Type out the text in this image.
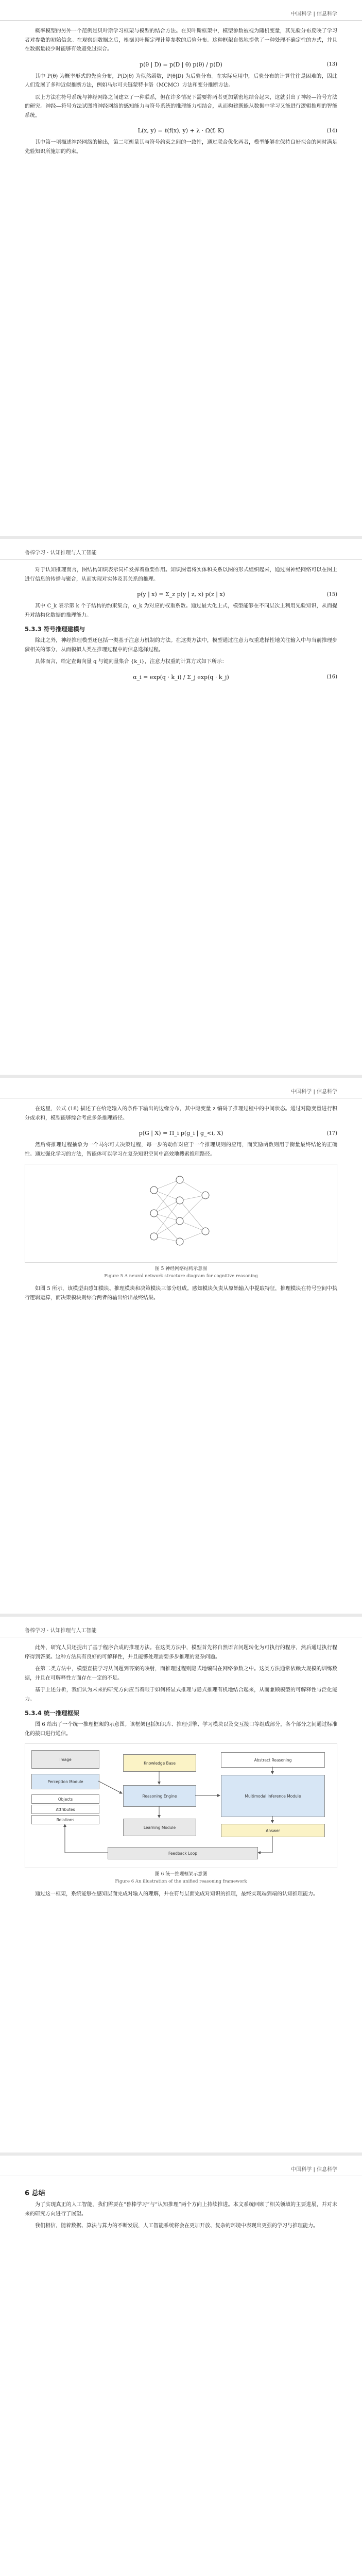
中国科学 | 信息科学

概率模型的另外一个范例是贝叶斯学习框架与模型的结合方法。在贝叶斯框架中，模型参数被视为随机变量，其先验分布反映了学习者对参数的初始信念。在观察到数据之后，根据贝叶斯定理计算参数的后验分布。这种框架自然地提供了一种处理不确定性的方式，并且在数据量较少时能够有效避免过拟合。

p(θ | D) = p(D | θ) p(θ) / p(D)	(13)

其中 P(θ) 为概率形式的先验分布，P(D|θ) 为似然函数，P(θ|D) 为后验分布。在实际应用中，后验分布的计算往往是困难的，因此人们发展了多种近似推断方法，例如马尔可夫链蒙特卡洛（MCMC）方法和变分推断方法。

以上方法在符号系统与神经网络之间建立了一种联系，但在许多情况下需要将两者更加紧密地结合起来，这就引出了神经—符号方法的研究。神经—符号方法试图将神经网络的感知能力与符号系统的推理能力相结合，从而构建既能从数据中学习又能进行逻辑推理的智能系统。

L(x, y) = ℓ(f(x), y) + λ · Ω(f, K)	(14)

其中第一项描述神经网络的输出，第二项衡量其与符号约束之间的一致性，通过联合优化两者，模型能够在保持良好拟合的同时满足先验知识所施加的约束。

鲁棒学习 · 认知推理与人工智能

对于认知推理而言，图结构知识表示同样发挥着重要作用。知识图谱将实体和关系以图的形式组织起来，通过图神经网络可以在图上进行信息的传播与聚合，从而实现对实体及其关系的推理。

p(y | x) = Σ_z p(y | z, x) p(z | x)	(15)

其中 C_k 表示第 k 个子结构的约束集合，α_k 为对应的权重系数。通过最大化上式，模型能够在不同层次上利用先验知识，从而提升对结构化数据的推理能力。

5.3.3 符号推理建模与

除此之外，神经推理模型还包括一类基于注意力机制的方法。在这类方法中，模型通过注意力权重选择性地关注输入中与当前推理步骤相关的部分，从而模拟人类在推理过程中的信息选择过程。

具体而言，给定查询向量 q 与键向量集合 {k_i}，注意力权重的计算方式如下所示：

α_i = exp(q · k_i) / Σ_j exp(q · k_j)	(16)
中国科学 | 信息科学

在这里，公式 (18) 描述了在给定输入的条件下输出的边缘分布，其中隐变量 z 编码了推理过程中的中间状态。通过对隐变量进行积分或求和，模型能够综合考虑多条推理路径。

p(G | X) = Π_i p(g_i | g_<i, X)	(17)

然后将推理过程抽象为一个马尔可夫决策过程，每一步的动作对应于一个推理规则的应用，而奖励函数则用于衡量最终结论的正确性。通过强化学习的方法，智能体可以学习在复杂知识空间中高效地搜索推理路径。

图 5 神经网络结构示意图
Figure 5 A neural network structure diagram for cognitive reasoning

如图 5 所示，该模型由感知模块、推理模块和决策模块三部分组成。感知模块负责从原始输入中提取特征，推理模块在符号空间中执行逻辑运算，而决策模块则综合两者的输出给出最终结果。

鲁棒学习 · 认知推理与人工智能

此外，研究人员还提出了基于程序合成的推理方法。在这类方法中，模型首先将自然语言问题转化为可执行的程序，然后通过执行程序得到答案。这种方法具有良好的可解释性，并且能够处理需要多步推理的复杂问题。

在第二类方法中，模型直接学习从问题到答案的映射，而推理过程则隐式地编码在网络参数之中。这类方法通常依赖大规模的训练数据，并且在可解释性方面存在一定的不足。

基于上述分析，我们认为未来的研究方向应当着眼于如何将显式推理与隐式推理有机地结合起来，从而兼顾模型的可解释性与泛化能力。

5.3.4 统一推理框架

图 6 给出了一个统一推理框架的示意图。该框架包括知识库、推理引擎、学习模块以及交互接口等组成部分，各个部分之间通过标准化的接口进行通信。

Image
Perception Module
Objects
Attributes
Relations
Knowledge Base
Reasoning Engine
Learning Module
Abstract Reasoning
Multimodal Inference Module
Answer
Feedback Loop
图 6 统一推理框架示意图
Figure 6 An illustration of the unified reasoning framework

通过这一框架，系统能够在感知层面完成对输入的理解，并在符号层面完成对知识的推理，最终实现端到端的认知推理能力。

中国科学 | 信息科学
6 总结

为了实现真正的人工智能，我们需要在“鲁棒学习”与“认知推理”两个方向上持续推进。本文系统回顾了相关领域的主要进展，并对未来的研究方向进行了展望。

我们相信，随着数据、算法与算力的不断发展，人工智能系统将会在更加开放、复杂的环境中表现出更强的学习与推理能力。
